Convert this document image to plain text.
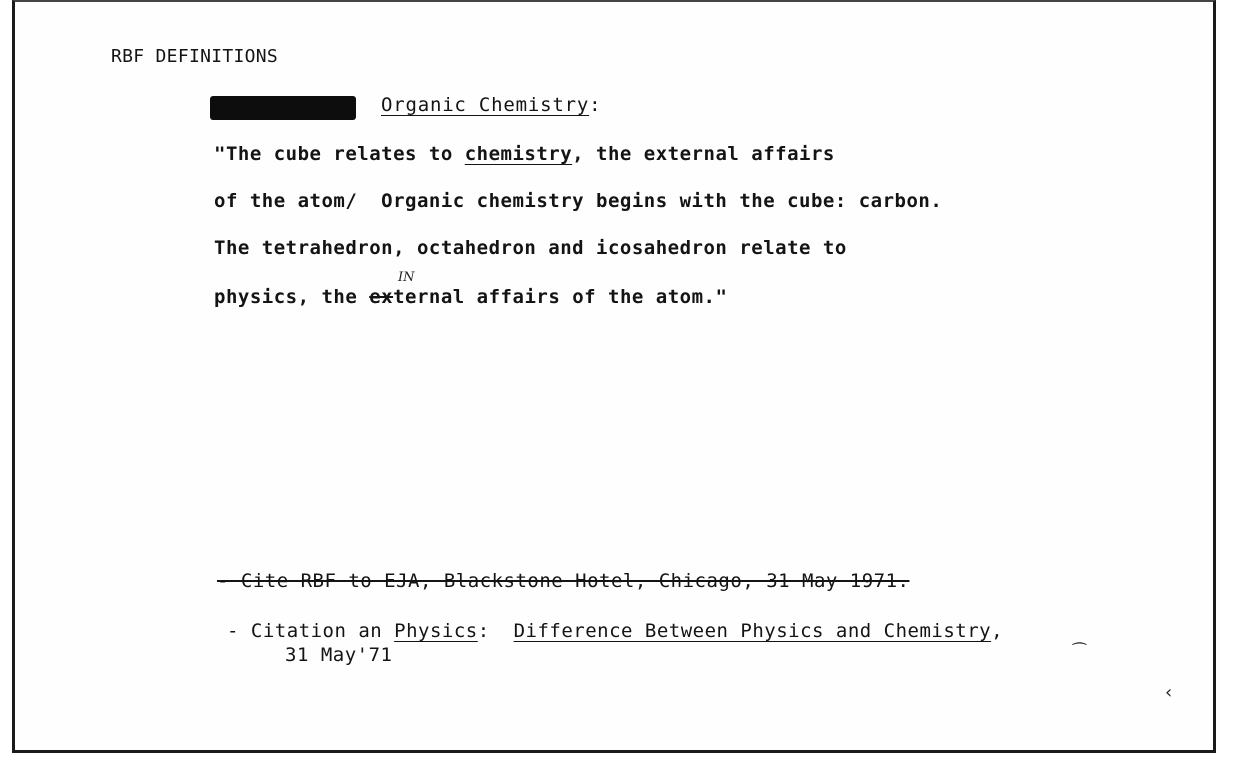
RBF DEFINITIONS
Organic Chemistry:
"The cube relates to chemistry, the external affairs
of the atom/  Organic chemistry begins with the cube: carbon.
The tetrahedron, octahedron and icosahedron relate to
physics, the external affairs of the atom."
IN
- Cite RBF to EJA, Blackstone Hotel, Chicago, 31 May 1971.
- Citation an Physics:  Difference Between Physics and Chemistry,
31 May'71	⁀
‹
